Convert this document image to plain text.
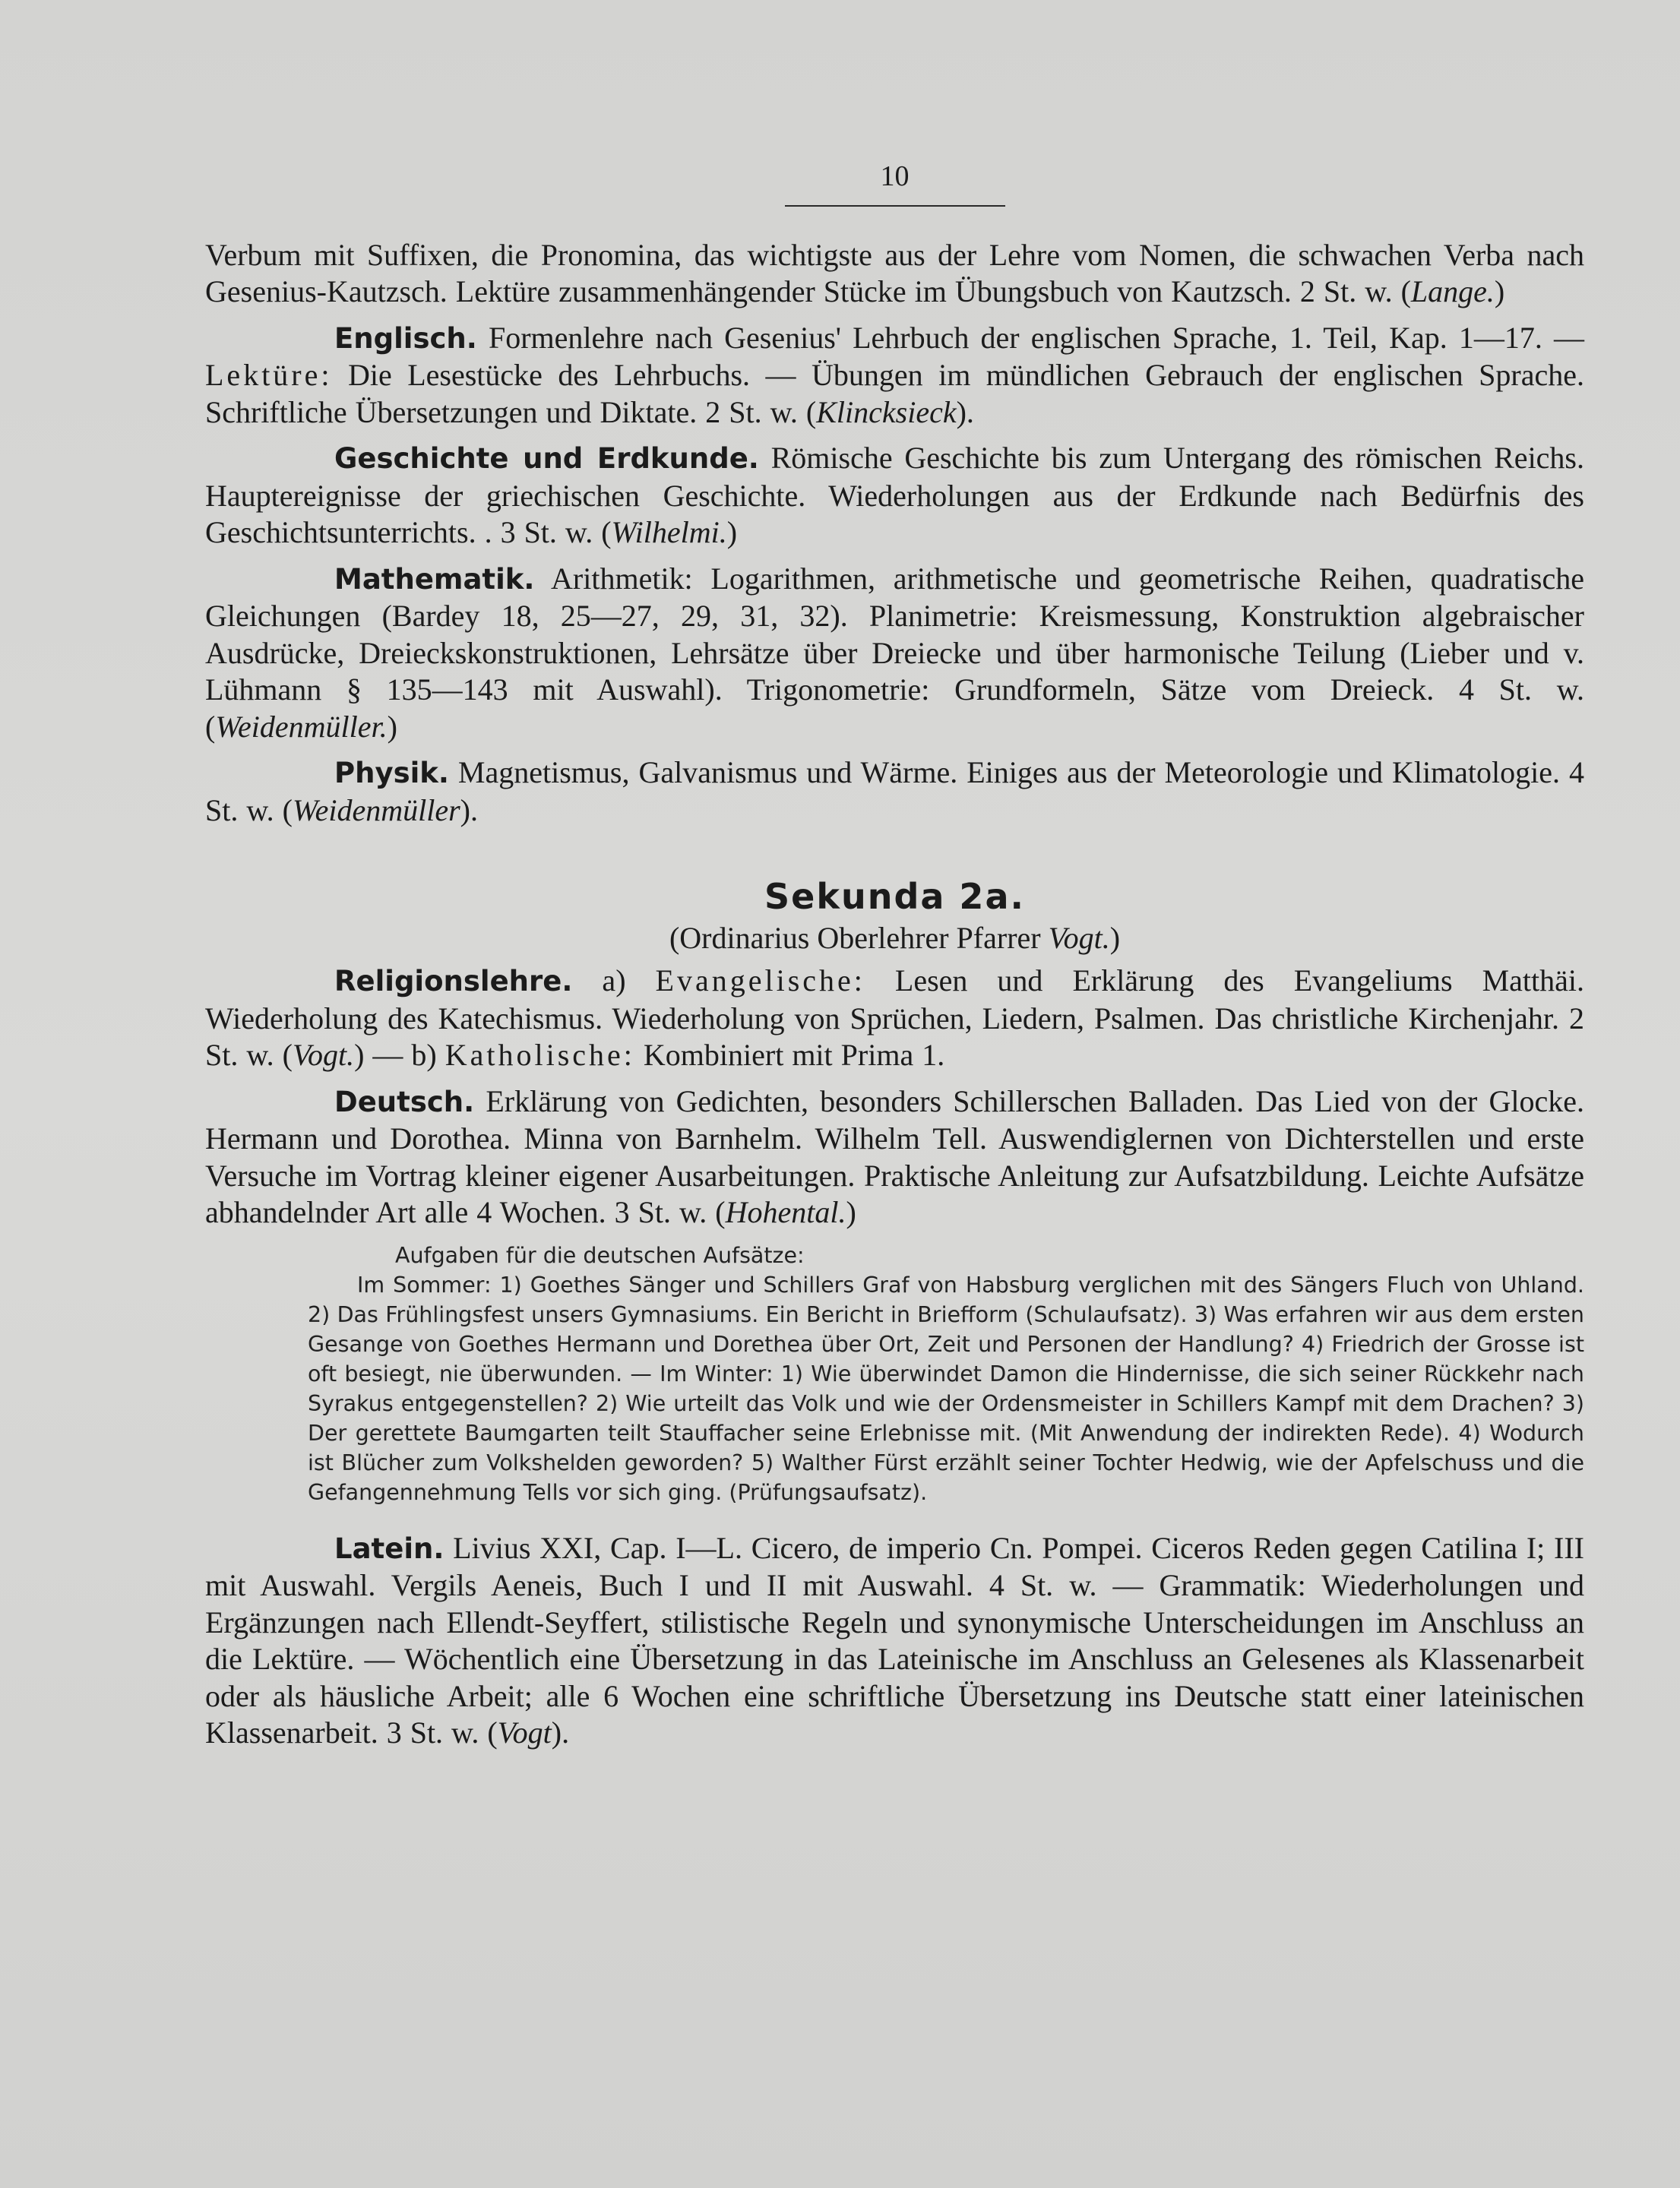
10

Verbum mit Suffixen, die Pronomina, das wichtigste aus der Lehre vom Nomen, die schwachen Verba nach Gesenius-Kautzsch. Lektüre zusammenhängender Stücke im Übungsbuch von Kautzsch. 2 St. w. (Lange.)

Englisch. Formenlehre nach Gesenius' Lehrbuch der englischen Sprache, 1. Teil, Kap. 1—17. — Lektüre: Die Lesestücke des Lehrbuchs. — Übungen im mündlichen Gebrauch der englischen Sprache. Schriftliche Übersetzungen und Diktate. 2 St. w. (Klincksieck).

Geschichte und Erdkunde. Römische Geschichte bis zum Untergang des römischen Reichs. Hauptereignisse der griechischen Geschichte. Wiederholungen aus der Erdkunde nach Bedürfnis des Geschichtsunterrichts. . 3 St. w. (Wilhelmi.)

Mathematik. Arithmetik: Logarithmen, arithmetische und geometrische Reihen, quadratische Gleichungen (Bardey 18, 25—27, 29, 31, 32). Planimetrie: Kreismessung, Konstruktion algebraischer Ausdrücke, Dreieckskonstruktionen, Lehrsätze über Dreiecke und über harmonische Teilung (Lieber und v. Lühmann § 135—143 mit Auswahl). Trigonometrie: Grundformeln, Sätze vom Dreieck. 4 St. w. (Weidenmüller.)

Physik. Magnetismus, Galvanismus und Wärme. Einiges aus der Meteorologie und Klimatologie. 4 St. w. (Weidenmüller).

Sekunda 2a.
(Ordinarius Oberlehrer Pfarrer Vogt.)

Religionslehre. a) Evangelische: Lesen und Erklärung des Evangeliums Matthäi. Wiederholung des Katechismus. Wiederholung von Sprüchen, Liedern, Psalmen. Das christliche Kirchenjahr. 2 St. w. (Vogt.) — b) Katholische: Kombiniert mit Prima 1.

Deutsch. Erklärung von Gedichten, besonders Schillerschen Balladen. Das Lied von der Glocke. Hermann und Dorothea. Minna von Barnhelm. Wilhelm Tell. Auswendiglernen von Dichterstellen und erste Versuche im Vortrag kleiner eigener Ausarbeitungen. Praktische Anleitung zur Aufsatzbildung. Leichte Aufsätze abhandelnder Art alle 4 Wochen. 3 St. w. (Hohental.)

Aufgaben für die deutschen Aufsätze:
Im Sommer: 1) Goethes Sänger und Schillers Graf von Habsburg verglichen mit des Sängers Fluch von Uhland. 2) Das Frühlingsfest unsers Gymnasiums. Ein Bericht in Briefform (Schulaufsatz). 3) Was erfahren wir aus dem ersten Gesange von Goethes Hermann und Dorethea über Ort, Zeit und Personen der Handlung? 4) Friedrich der Grosse ist oft besiegt, nie überwunden. — Im Winter: 1) Wie überwindet Damon die Hindernisse, die sich seiner Rückkehr nach Syrakus entgegenstellen? 2) Wie urteilt das Volk und wie der Ordensmeister in Schillers Kampf mit dem Drachen? 3) Der gerettete Baumgarten teilt Stauffacher seine Erlebnisse mit. (Mit Anwendung der indirekten Rede). 4) Wodurch ist Blücher zum Volkshelden geworden? 5) Walther Fürst erzählt seiner Tochter Hedwig, wie der Apfelschuss und die Gefangennehmung Tells vor sich ging. (Prüfungsaufsatz).

Latein. Livius XXI, Cap. I—L. Cicero, de imperio Cn. Pompei. Ciceros Reden gegen Catilina I; III mit Auswahl. Vergils Aeneis, Buch I und II mit Auswahl. 4 St. w. — Grammatik: Wiederholungen und Ergänzungen nach Ellendt-Seyffert, stilistische Regeln und synonymische Unterscheidungen im Anschluss an die Lektüre. — Wöchentlich eine Übersetzung in das Lateinische im Anschluss an Gelesenes als Klassenarbeit oder als häusliche Arbeit; alle 6 Wochen eine schriftliche Übersetzung ins Deutsche statt einer lateinischen Klassenarbeit. 3 St. w. (Vogt).
